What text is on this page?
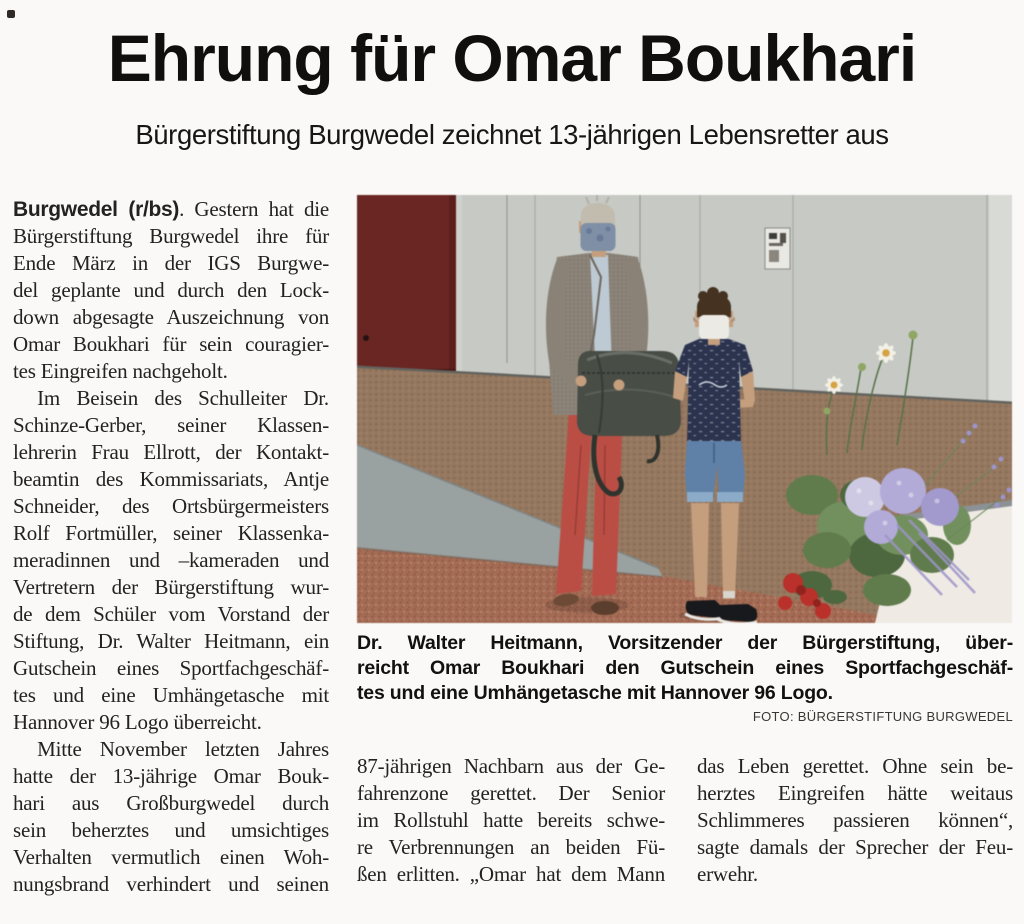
Ehrung für Omar Boukhari
Bürgerstiftung Burgwedel zeichnet 13-jährigen Lebensretter aus
Burgwedel (r/bs). Gestern hat die
Bürgerstiftung Burgwedel ihre für
Ende März in der IGS Burgwe-
del geplante und durch den Lock-
down abgesagte Auszeichnung von
Omar Boukhari für sein couragier-
tes Eingreifen nachgeholt.
Im Beisein des Schulleiter Dr.
Schinze-Gerber, seiner Klassen-
lehrerin Frau Ellrott, der Kontakt-
beamtin des Kommissariats, Antje
Schneider, des Ortsbürgermeisters
Rolf Fortmüller, seiner Klassenka-
meradinnen und –kameraden und
Vertretern der Bürgerstiftung wur-
de dem Schüler vom Vorstand der
Stiftung, Dr. Walter Heitmann, ein
Gutschein eines Sportfachgeschäf-
tes und eine Umhängetasche mit
Hannover 96 Logo überreicht.
Mitte November letzten Jahres
hatte der 13-jährige Omar Bouk-
hari aus Großburgwedel durch
sein beherztes und umsichtiges
Verhalten vermutlich einen Woh-
nungsbrand verhindert und seinen
Dr. Walter Heitmann, Vorsitzender der Bürgerstiftung, über-
reicht Omar Boukhari den Gutschein eines Sportfachgeschäf-
tes und eine Umhängetasche mit Hannover 96 Logo.
FOTO: BÜRGERSTIFTUNG BURGWEDEL
87-jährigen Nachbarn aus der Ge-
fahrenzone gerettet. Der Senior
im Rollstuhl hatte bereits schwe-
re Verbrennungen an beiden Fü-
ßen erlitten. „Omar hat dem Mann
das Leben gerettet. Ohne sein be-
herztes Eingreifen hätte weitaus
Schlimmeres passieren können“,
sagte damals der Sprecher der Feu-
erwehr.
